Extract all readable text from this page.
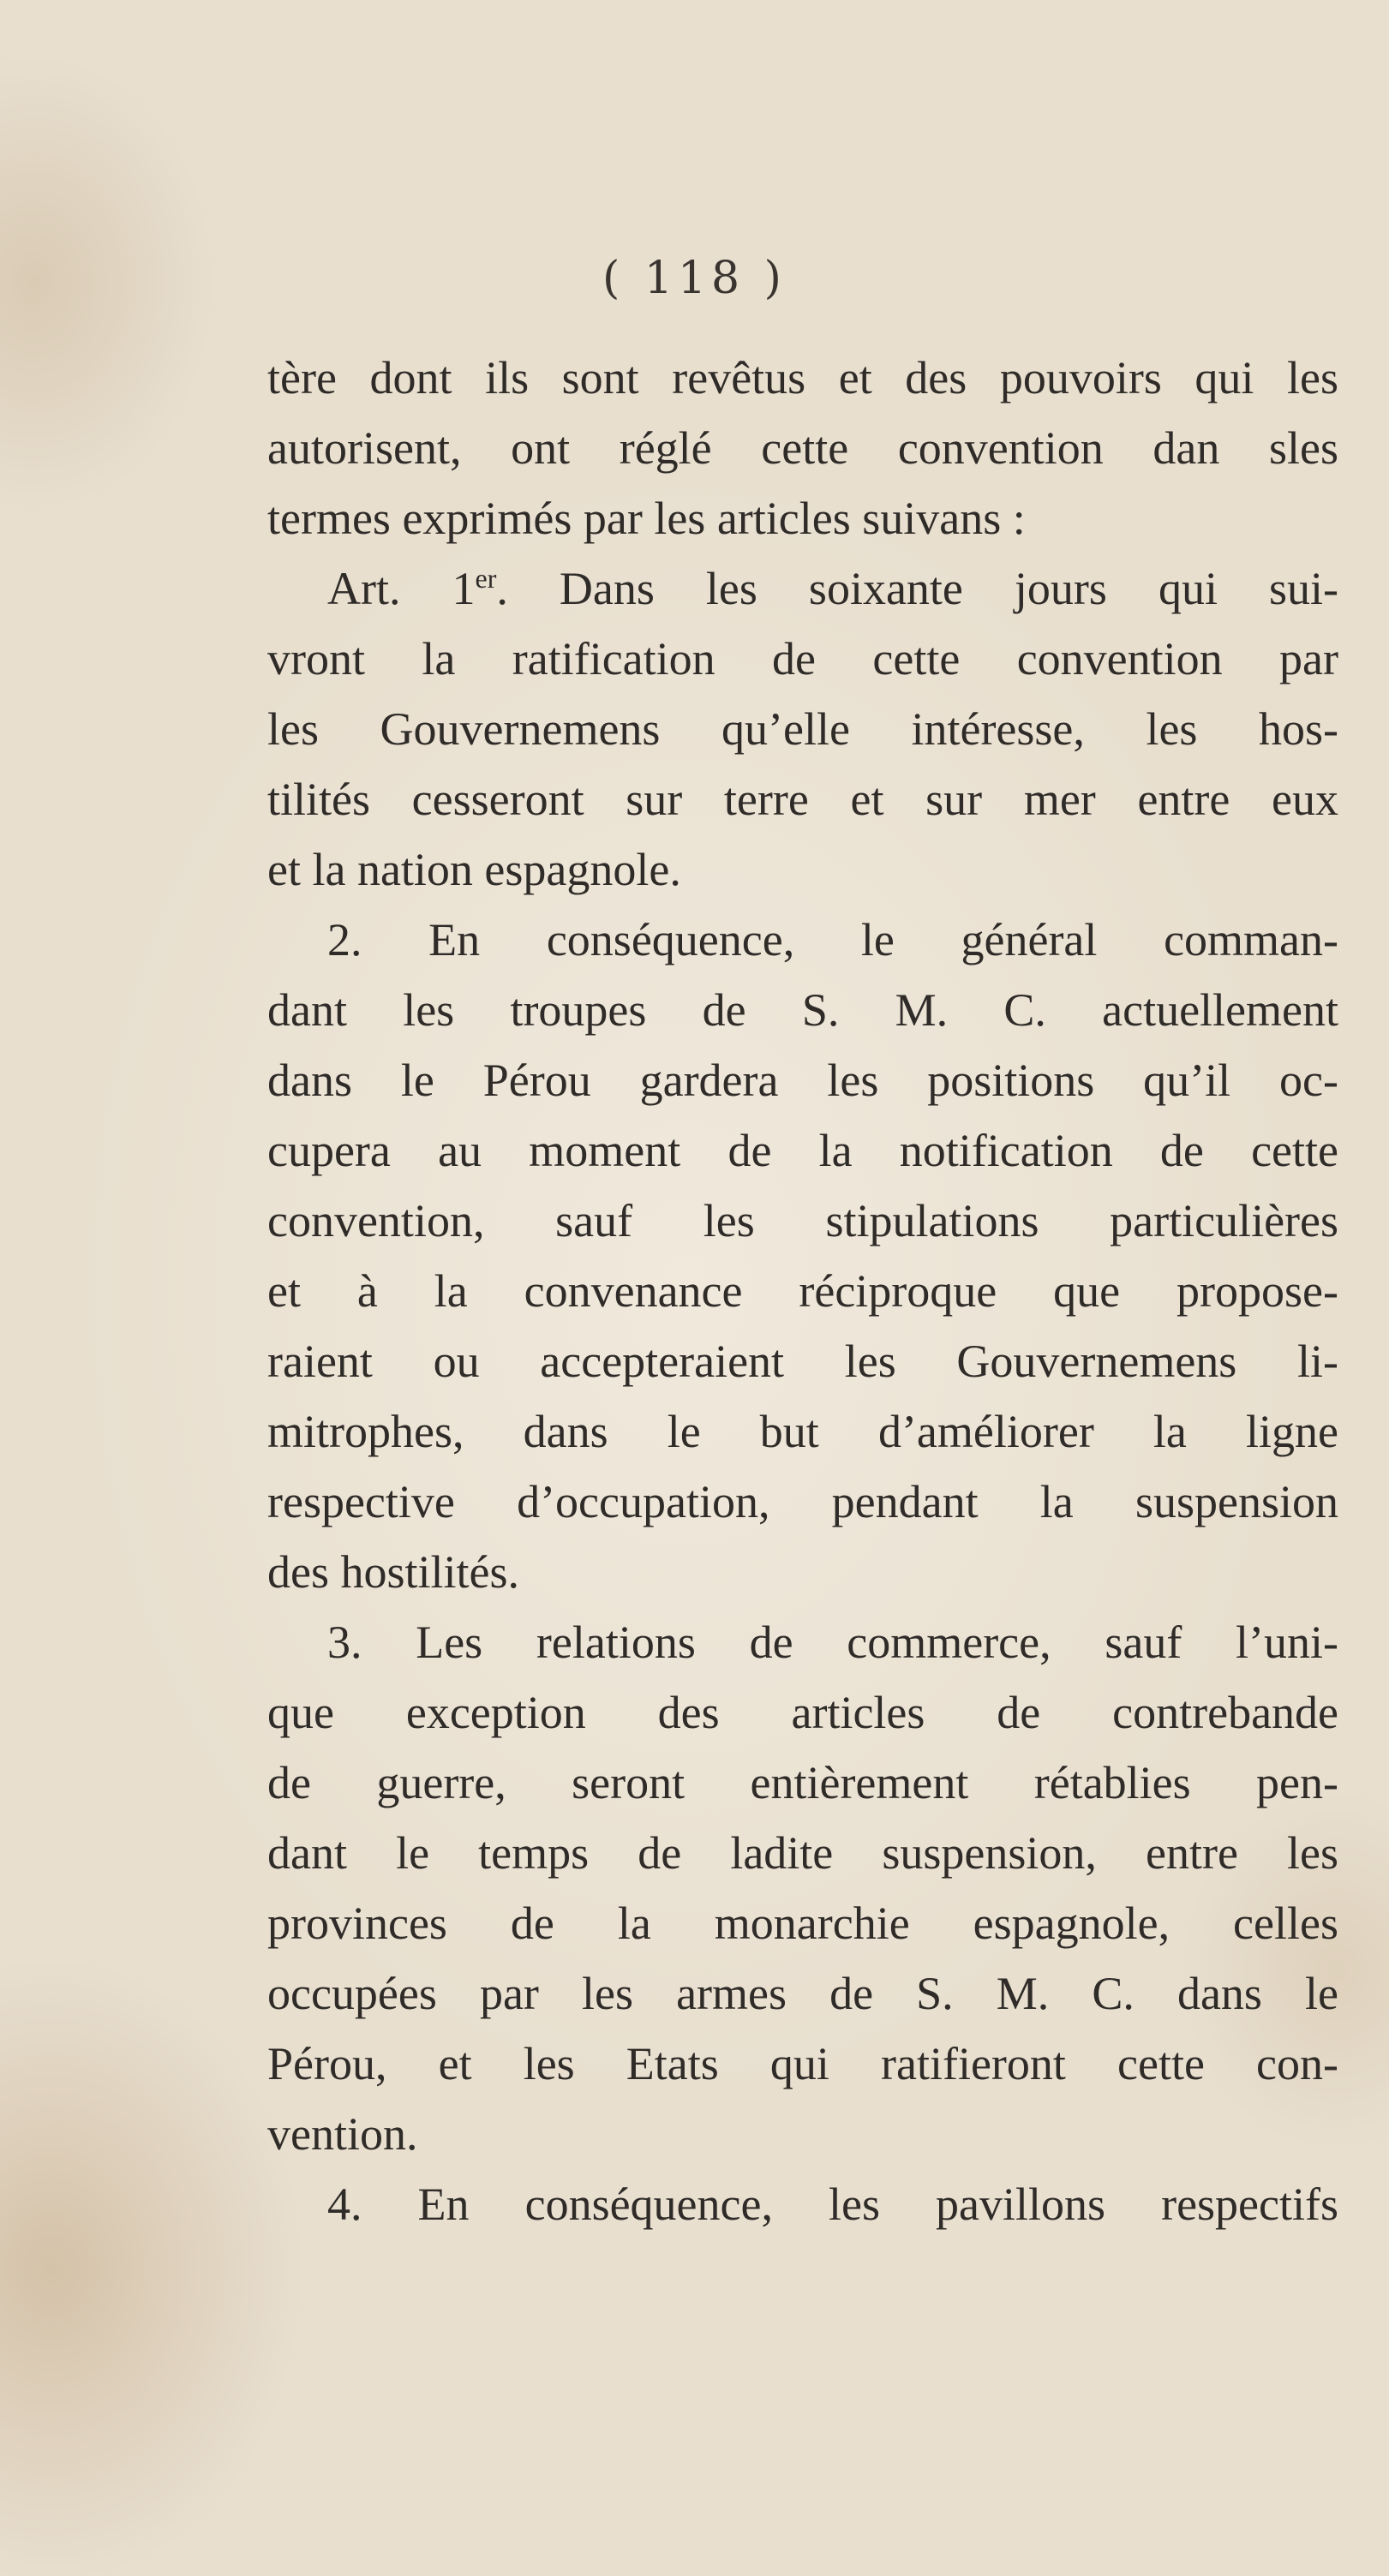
( 118 )
tère dont ils sont revêtus et des pouvoirs qui les
autorisent, ont réglé cette convention dan sles
termes exprimés par les articles suivans :
Art. 1er. Dans les soixante jours qui sui-
vront la ratification de cette convention par
les Gouvernemens qu’elle intéresse, les hos-
tilités cesseront sur terre et sur mer entre eux
et la nation espagnole.
2. En conséquence, le général comman-
dant les troupes de S. M. C. actuellement
dans le Pérou gardera les positions qu’il oc-
cupera au moment de la notification de cette
convention, sauf les stipulations particulières
et à la convenance réciproque que propose-
raient ou accepteraient les Gouvernemens li-
mitrophes, dans le but d’améliorer la ligne
respective d’occupation, pendant la suspension
des hostilités.
3. Les relations de commerce, sauf l’uni-
que exception des articles de contrebande
de guerre, seront entièrement rétablies pen-
dant le temps de ladite suspension, entre les
provinces de la monarchie espagnole, celles
occupées par les armes de S. M. C. dans le
Pérou, et les Etats qui ratifieront cette con-
vention.
4. En conséquence, les pavillons respectifs
